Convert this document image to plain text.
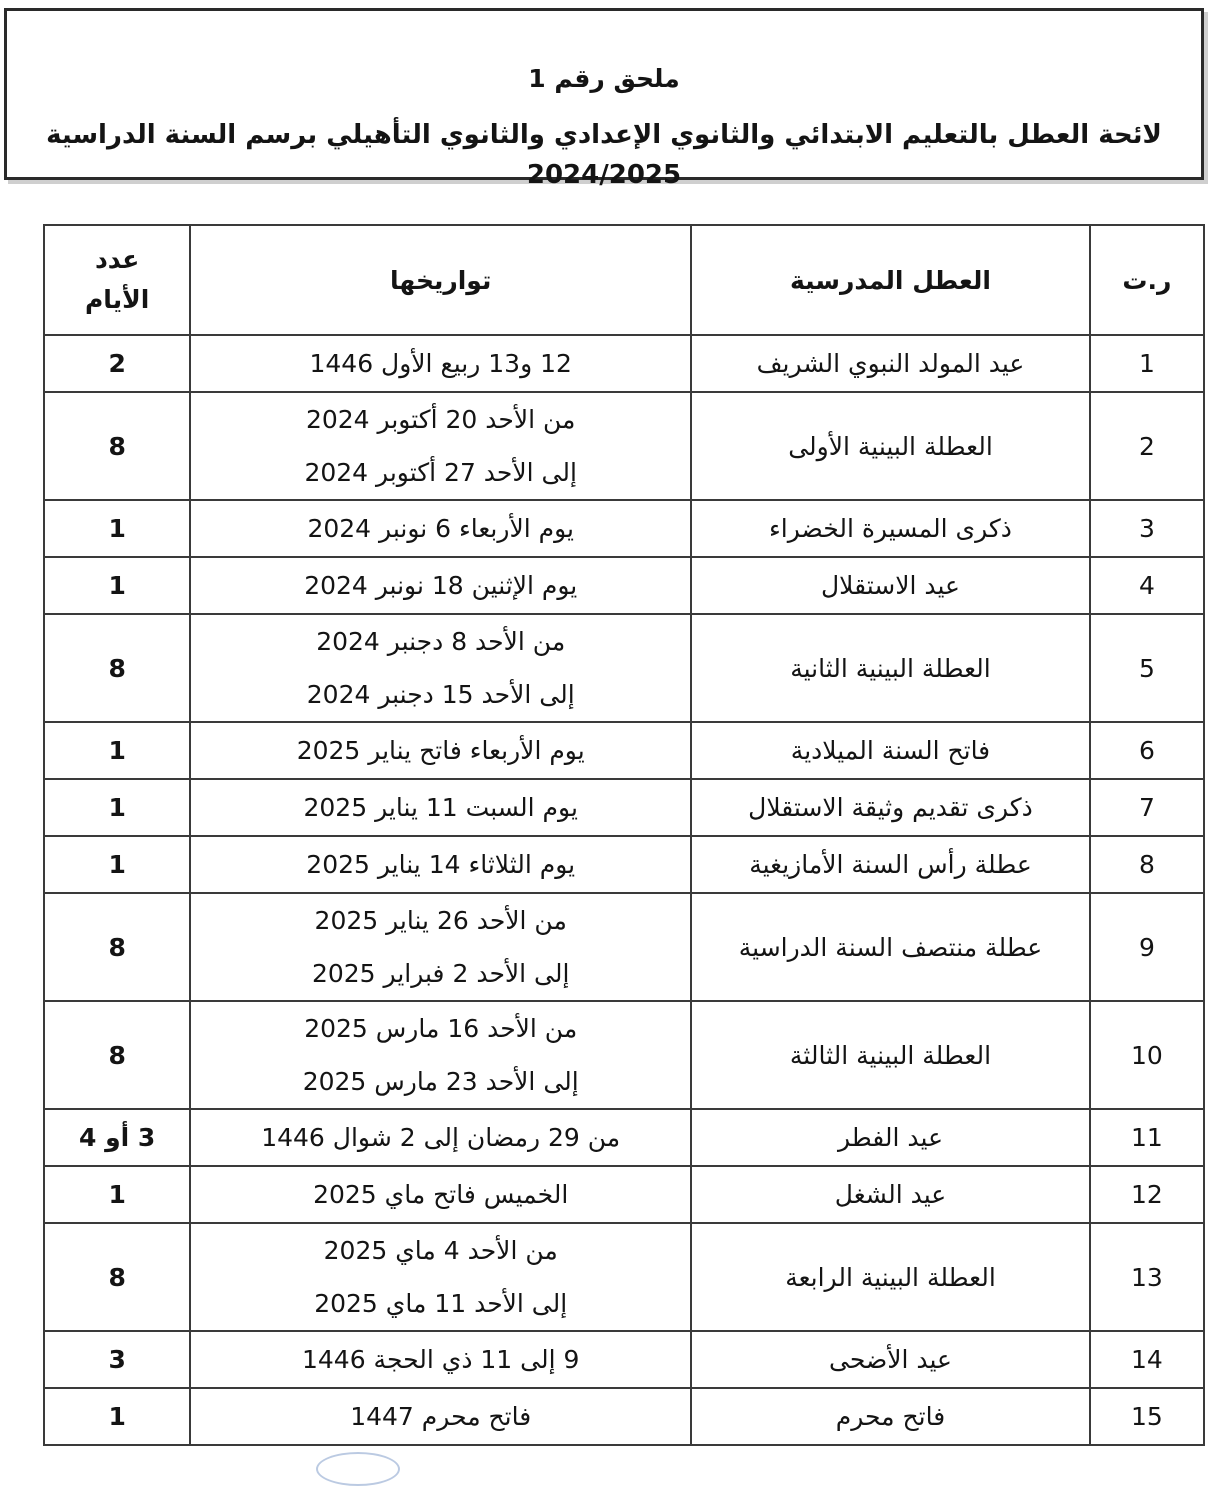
ملحق رقم 1
لائحة العطل بالتعليم الابتدائي والثانوي الإعدادي والثانوي التأهيلي برسم السنة الدراسية 2024/2025
ر.ت	العطل المدرسية	تواريخها	عدد
الأيام

1	عيد المولد النبوي الشريف	12 و13 ربيع الأول 1446	2
2	العطلة البينية الأولى	من الأحد 20 أكتوبر 2024
إلى الأحد 27 أكتوبر 2024	8
3	ذكرى المسيرة الخضراء	يوم الأربعاء 6 نونبر 2024	1
4	عيد الاستقلال	يوم الإثنين 18 نونبر 2024	1
5	العطلة البينية الثانية	من الأحد 8 دجنبر 2024
إلى الأحد 15 دجنبر 2024	8
6	فاتح السنة الميلادية	يوم الأربعاء فاتح يناير 2025	1
7	ذكرى تقديم وثيقة الاستقلال	يوم السبت 11 يناير 2025	1
8	عطلة رأس السنة الأمازيغية	يوم الثلاثاء 14 يناير 2025	1
9	عطلة منتصف السنة الدراسية	من الأحد 26 يناير 2025
إلى الأحد 2 فبراير 2025	8
10	العطلة البينية الثالثة	من الأحد 16 مارس 2025
إلى الأحد 23 مارس 2025	8
11	عيد الفطر	من 29 رمضان إلى 2 شوال 1446	3 أو 4
12	عيد الشغل	الخميس فاتح ماي 2025	1
13	العطلة البينية الرابعة	من الأحد 4 ماي 2025
إلى الأحد 11 ماي 2025	8
14	عيد الأضحى	9 إلى 11 ذي الحجة 1446	3
15	فاتح محرم	فاتح محرم 1447	1
